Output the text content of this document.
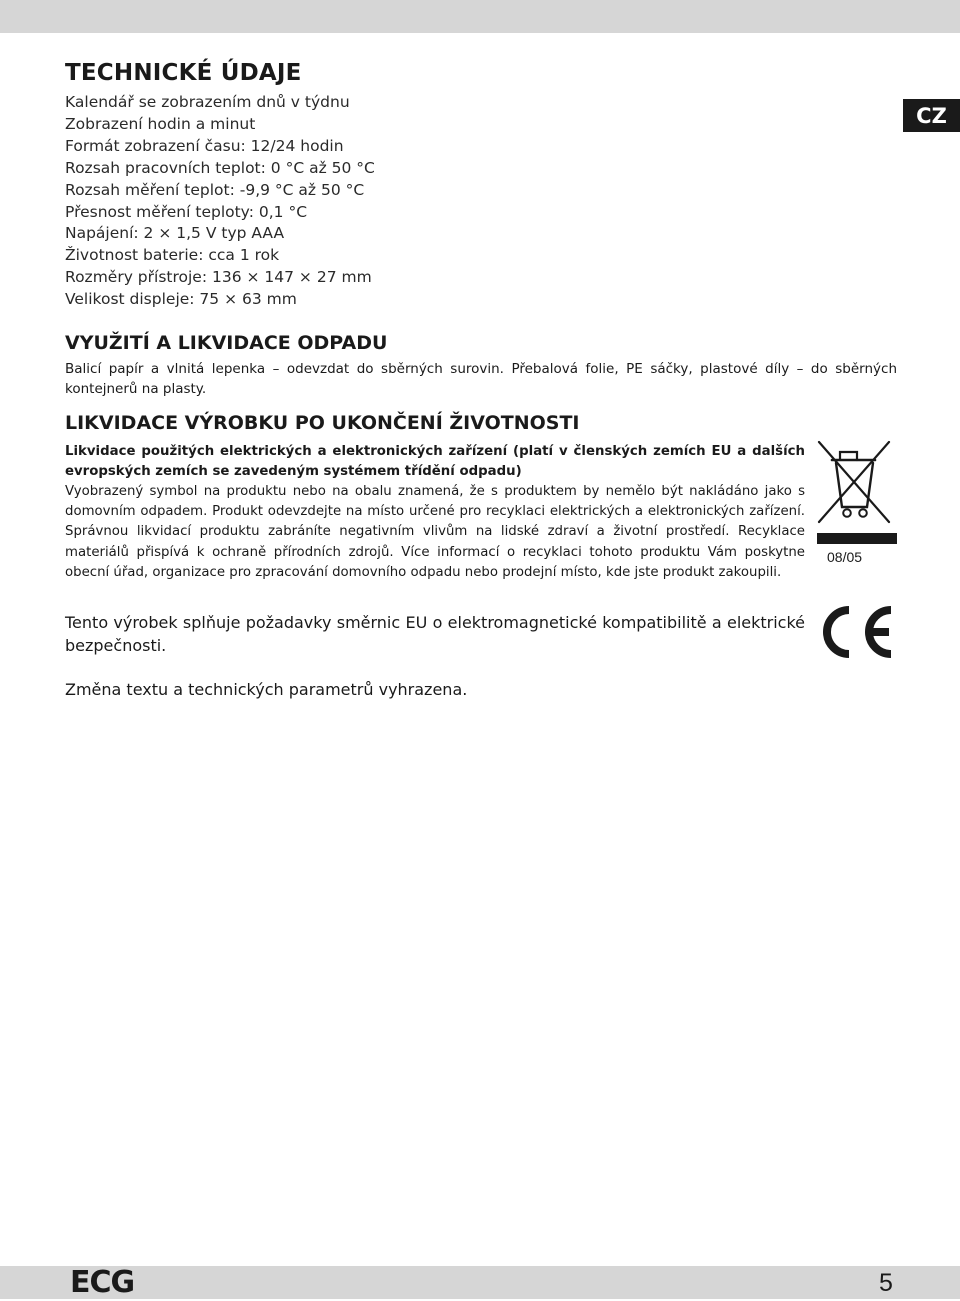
CZ
TECHNICKÉ ÚDAJE
Kalendář se zobrazením dnů v týdnu
Zobrazení hodin a minut
Formát zobrazení času: 12/24 hodin
Rozsah pracovních teplot: 0 °C až 50 °C
Rozsah měření teplot: -9,9 °C až 50 °C
Přesnost měření teploty: 0,1 °C
Napájení: 2 × 1,5 V typ AAA
Životnost baterie: cca 1 rok
Rozměry přístroje: 136 × 147 × 27 mm
Velikost displeje: 75 × 63 mm
VYUŽITÍ A LIKVIDACE ODPADU

Balicí papír a vlnitá lepenka – odevzdat do sběrných surovin. Přebalová folie, PE sáčky, plastové díly – do sběrných kontejnerů na plasty.

LIKVIDACE VÝROBKU PO UKONČENÍ ŽIVOTNOSTI

Likvidace použitých elektrických a elektronických zařízení (platí v členských zemích EU a dalších evropských zemích se zavedeným systémem třídění odpadu)

Vyobrazený symbol na produktu nebo na obalu znamená, že s produktem by nemělo být nakládáno jako s domovním odpadem. Produkt odevzdejte na místo určené pro recyklaci elektrických a elektronických zařízení. Správnou likvidací produktu zabráníte negativním vlivům na lidské zdraví a životní prostředí. Recyklace materiálů přispívá k ochraně přírodních zdrojů. Více informací o recyklaci tohoto produktu Vám poskytne obecní úřad, organizace pro zpracování domovního odpadu nebo prodejní místo, kde jste produkt zakoupili.

08/05

Tento výrobek splňuje požadavky směrnic EU o elektromagnetické kompatibilitě a elektrické bezpečnosti.

Změna textu a technických parametrů vyhrazena.

ECG	5
